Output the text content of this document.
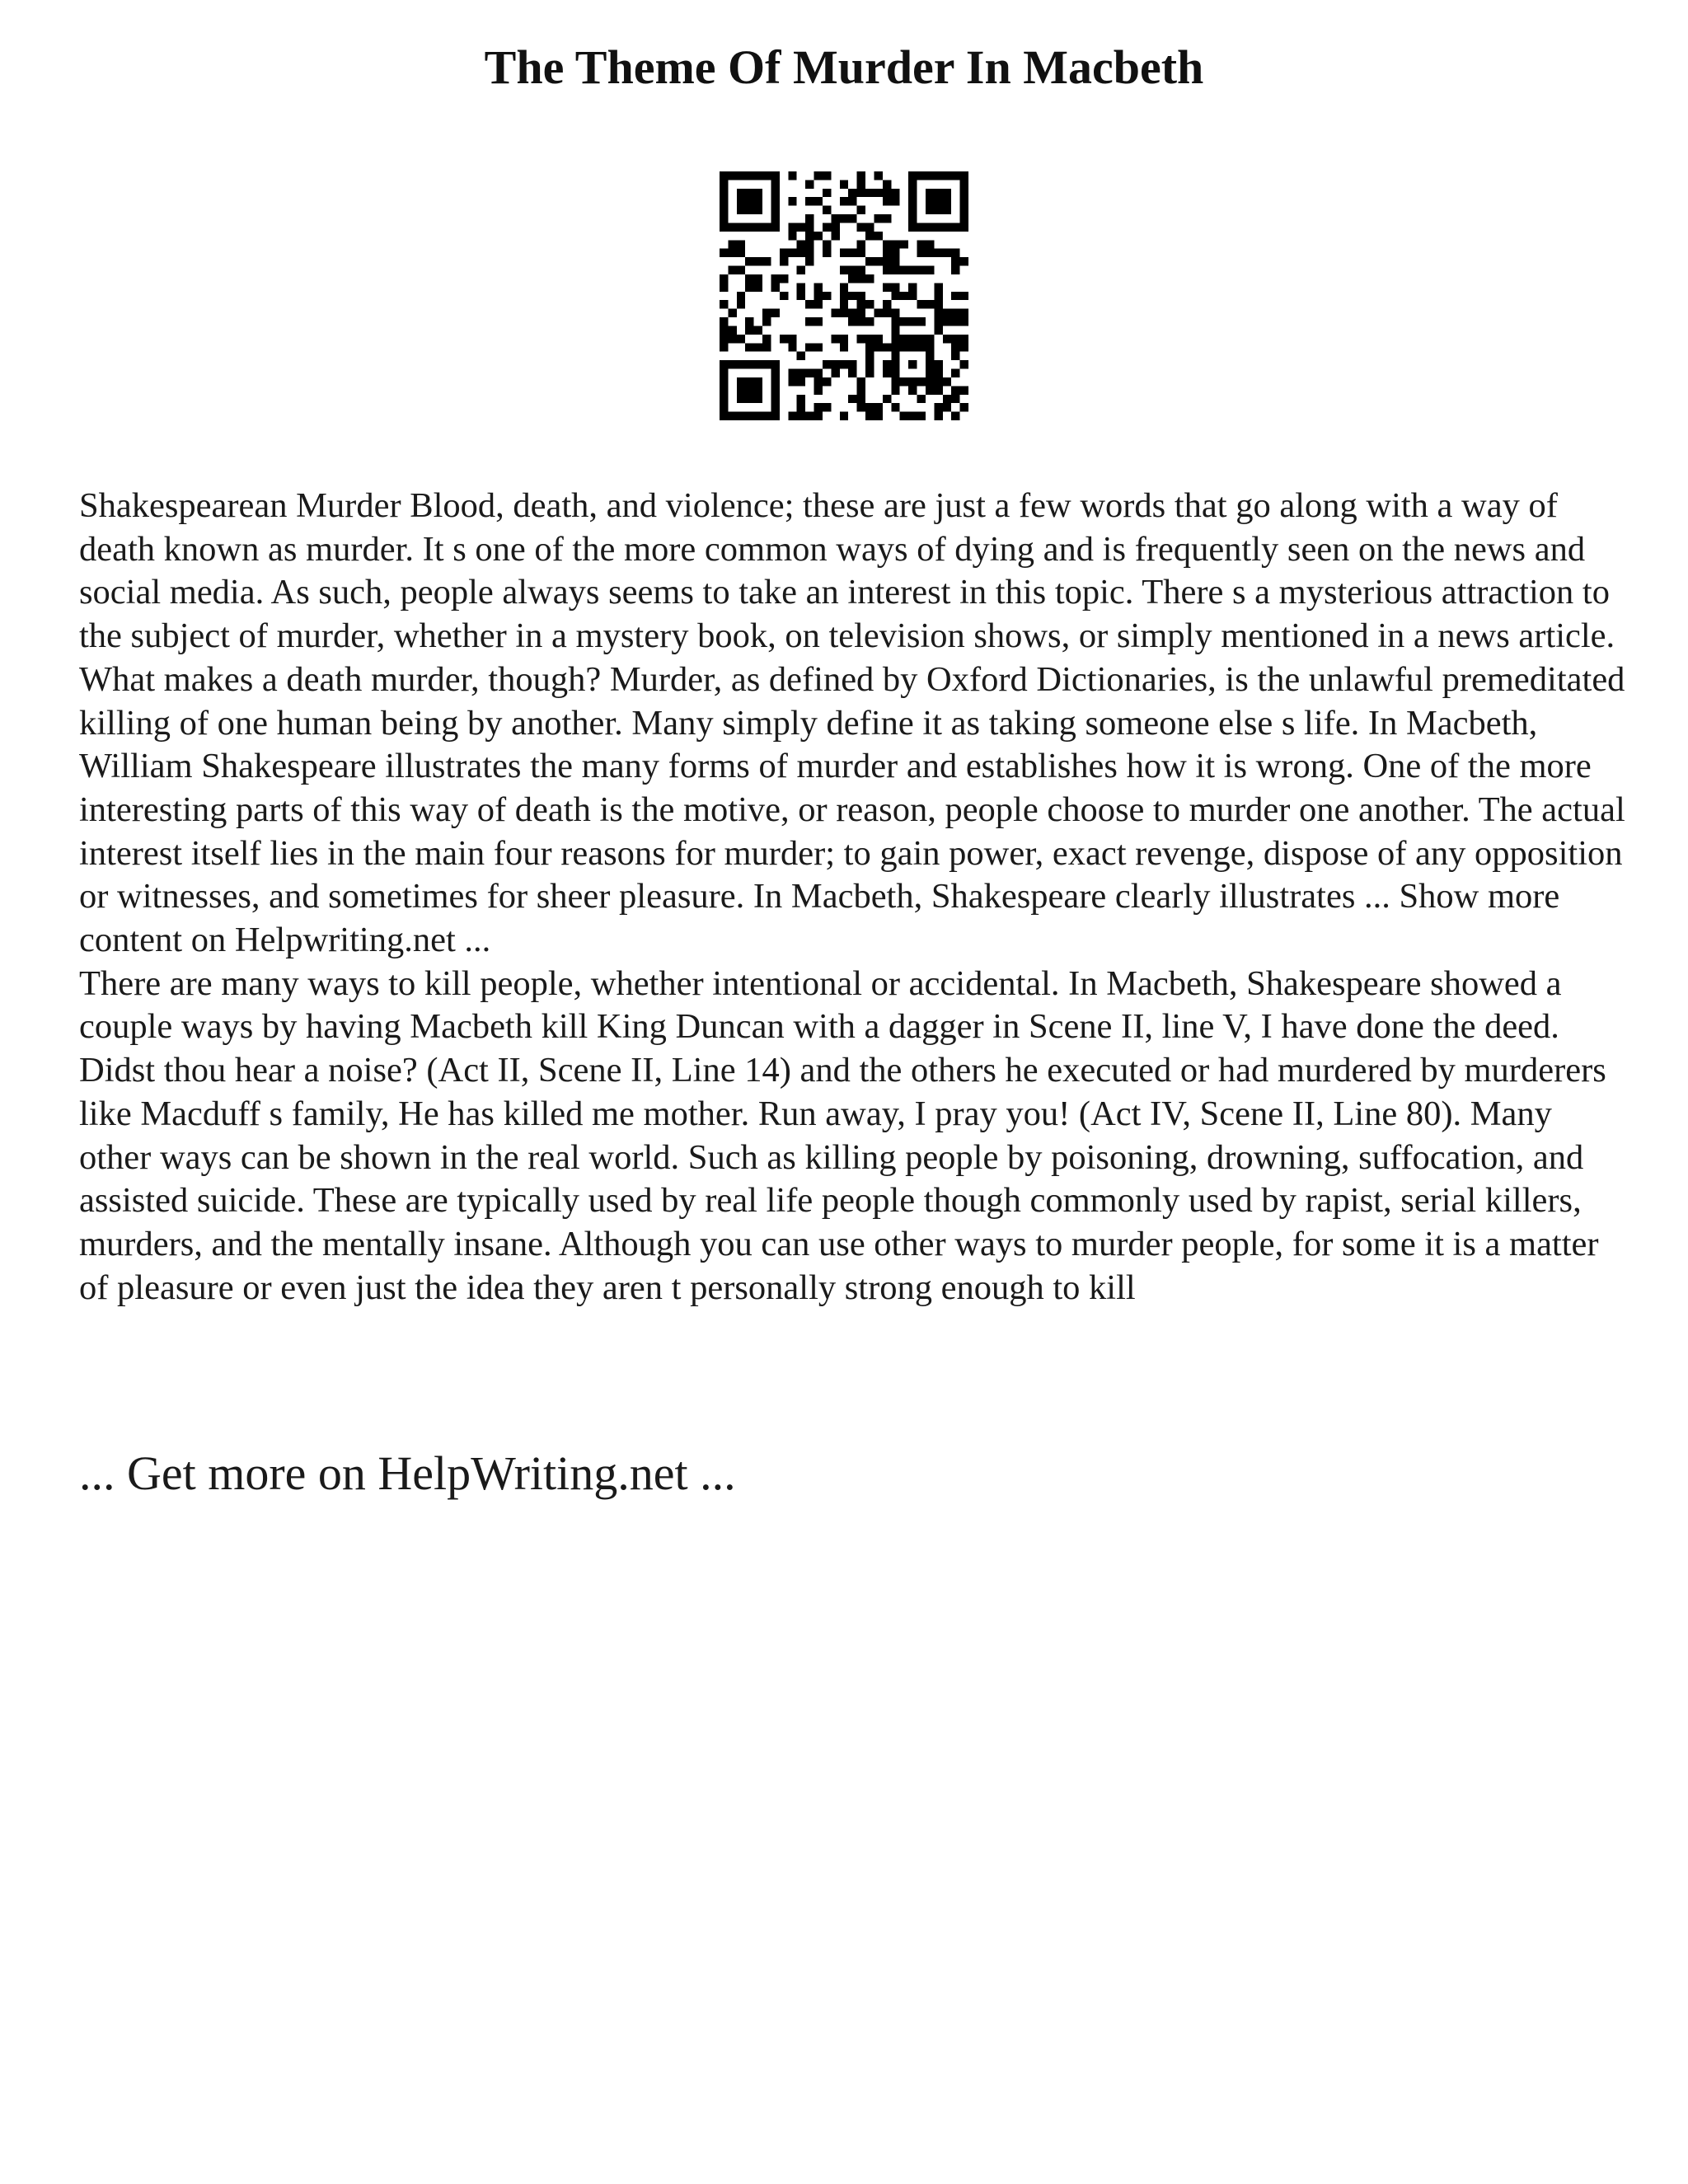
The Theme Of Murder In Macbeth

Shakespearean Murder Blood, death, and violence; these are just a few words that go along with a way of death known as murder. It s one of the more common ways of dying and is frequently seen on the news and social media. As such, people always seems to take an interest in this topic. There s a mysterious attraction to the subject of murder, whether in a mystery book, on television shows, or simply mentioned in a news article. What makes a death murder, though? Murder, as defined by Oxford Dictionaries, is the unlawful premeditated killing of one human being by another. Many simply define it as taking someone else s life. In Macbeth, William Shakespeare illustrates the many forms of murder and establishes how it is wrong. One of the more interesting parts of this way of death is the motive, or reason, people choose to murder one another. The actual interest itself lies in the main four reasons for murder; to gain power, exact revenge, dispose of any opposition or witnesses, and sometimes for sheer pleasure. In Macbeth, Shakespeare clearly illustrates ... Show more content on Helpwriting.net ...

There are many ways to kill people, whether intentional or accidental. In Macbeth, Shakespeare showed a couple ways by having Macbeth kill King Duncan with a dagger in Scene II, line V, I have done the deed. Didst thou hear a noise? (Act II, Scene II, Line 14) and the others he executed or had murdered by murderers like Macduff s family, He has killed me mother. Run away, I pray you! (Act IV, Scene II, Line 80). Many other ways can be shown in the real world. Such as killing people by poisoning, drowning, suffocation, and assisted suicide. These are typically used by real life people though commonly used by rapist, serial killers, murders, and the mentally insane. Although you can use other ways to murder people, for some it is a matter of pleasure or even just the idea they aren t personally strong enough to kill

... Get more on HelpWriting.net ...
